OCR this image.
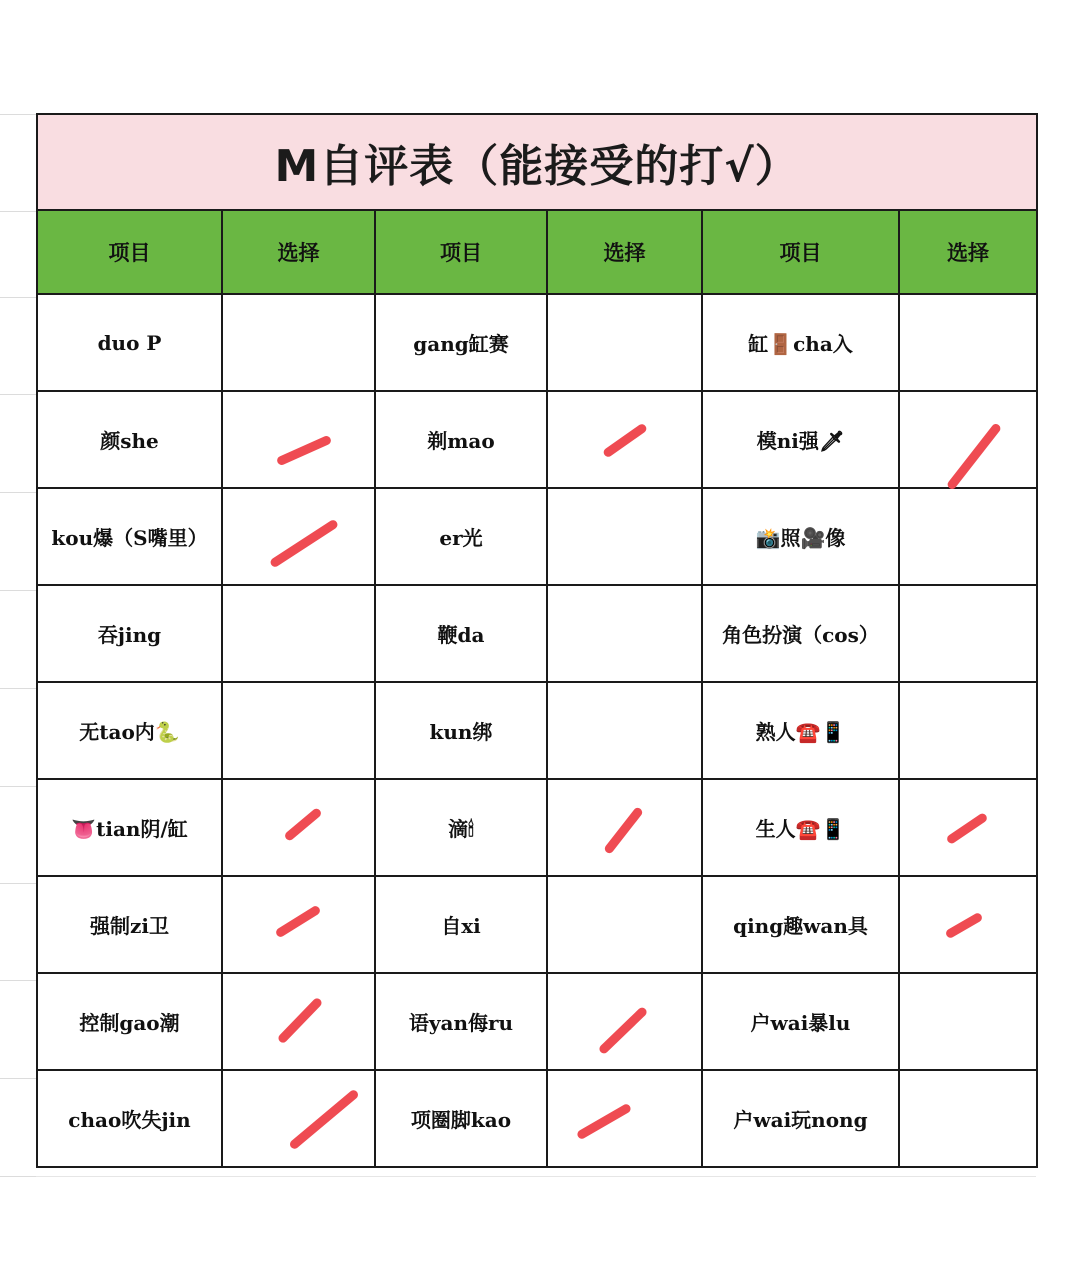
M自评表（能接受的打√）					
项目	选择	项目	选择	项目	选择
duo P		gang缸赛		缸🚪cha入	
颜she		剃mao		模ni强🗡	

kou爆（S嘴里）		er光		📸照🎥像	
吞jing		鞭da		角色扮演（cos）	
无tao内🐍		kun绑		熟人☎️📱	
👅tian阴/缸		滴🕯		生人☎️📱	

强制zi卫		自xi		qing趣wan具	

控制gao潮		语yan侮ru		户wai暴lu	
chao吹失jin		项圈脚kao		户wai玩nong	
